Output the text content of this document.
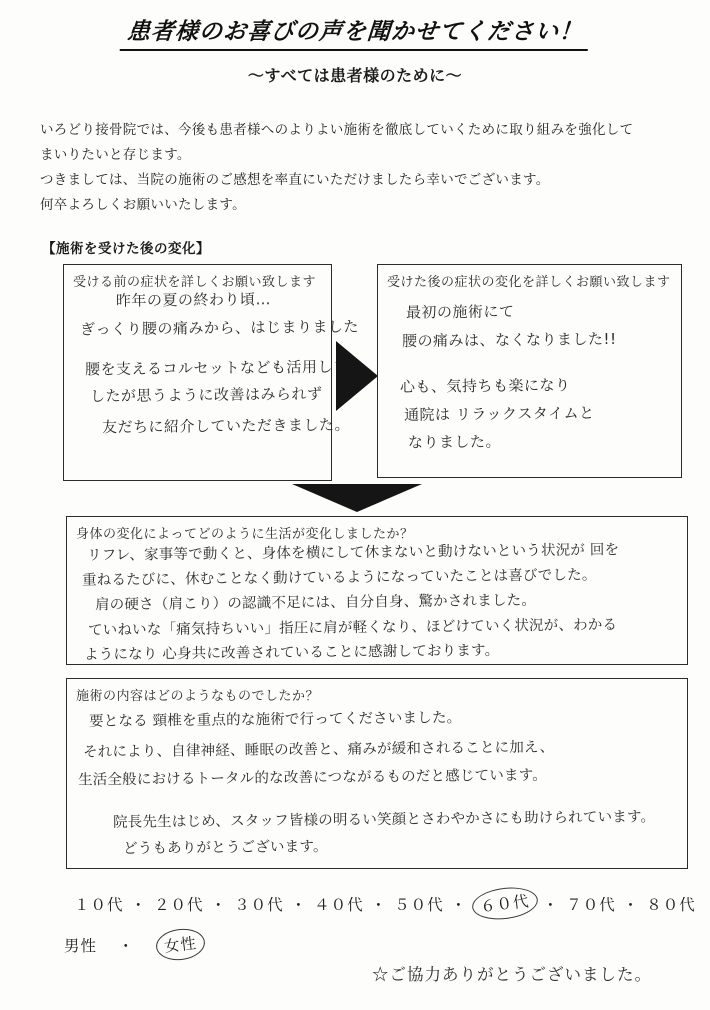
患者様のお喜びの声を聞かせてください！
～すべては患者様のために～
いろどり接骨院では、今後も患者様へのよりよい施術を徹底していくために取り組みを強化して
まいりたいと存じます。
つきましては、当院の施術のご感想を率直にいただけましたら幸いでございます。
何卒よろしくお願いいたします。
【施術を受けた後の変化】
受ける前の症状を詳しくお願い致します
昨年の夏の終わり頃…
ぎっくり腰の痛みから、はじまりました
腰を支えるコルセットなども活用しま
したが思うように改善はみられず
友だちに紹介していただきました。
受けた後の症状の変化を詳しくお願い致します
最初の施術にて
腰の痛みは、なくなりました!!
心も、気持ちも楽になり
通院は リラックスタイムと
なりました。
身体の変化によってどのように生活が変化しましたか？
リフレ、家事等で動くと、身体を横にして休まないと動けないという状況が 回を
重ねるたびに、休むことなく動けているようになっていたことは喜びでした。
肩の硬さ（肩こり）の認識不足には、自分自身、驚かされました。
ていねいな「痛気持ちいい」指圧に肩が軽くなり、ほどけていく状況が、わかる
ようになり 心身共に改善されていることに感謝しております。
施術の内容はどのようなものでしたか？
要となる 頸椎を重点的な施術で行ってくださいました。
それにより、自律神経、睡眠の改善と、痛みが緩和されることに加え、
生活全般におけるトータル的な改善につながるものだと感じています。
院長先生はじめ、スタッフ皆様の明るい笑顔とさわやかさにも助けられています。
どうもありがとうございます。
１０代 ・ ２０代 ・ ３０代 ・ ４０代 ・ ５０代 ・ ６０代 ・ ７０代 ・ ８０代
男性	・	女性
☆ご協力ありがとうございました。
